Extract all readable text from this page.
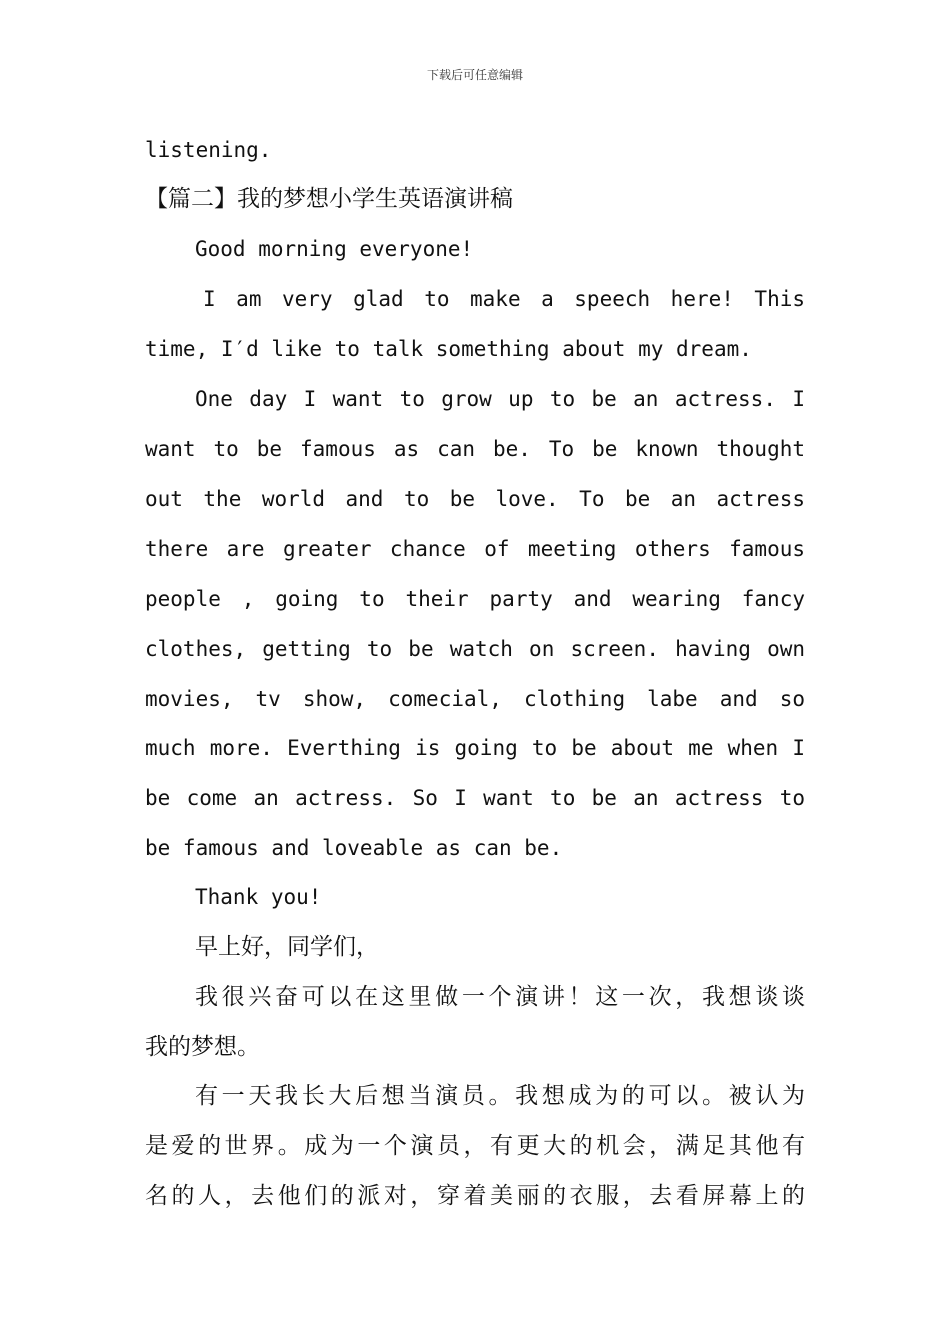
下载后可任意编辑
listening.
【篇二】我的梦想小学生英语演讲稿
Good morning everyone!
I am very glad to make a speech here! This
time, I′d like to talk something about my dream.
One day I want to grow up to be an actress. I
want to be famous as can be. To be known thought
out the world and to be love. To be an actress
there are greater chance of meeting others famous
people , going to their party and wearing fancy
clothes, getting to be watch on screen. having own
movies, tv show, comecial, clothing labe and so
much more. Everthing is going to be about me when I
be come an actress. So I want to be an actress to
be famous and loveable as can be.
Thank you!
早上好，同学们，
我很兴奋可以在这里做一个演讲！这一次，我想谈谈
我的梦想。
有一天我长大后想当演员。我想成为的可以。被认为
是爱的世界。成为一个演员，有更大的机会，满足其他有
名的人，去他们的派对，穿着美丽的衣服，去看屏幕上的
